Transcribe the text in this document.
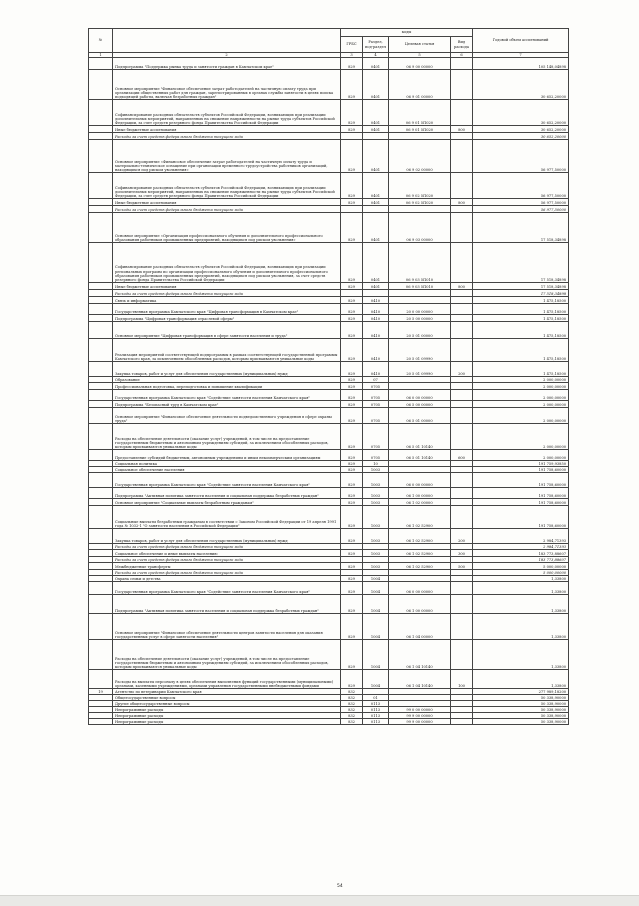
№		коды				Годовой объем ассигнований
		ГРБС	Раздел, под-раздел	Целевая статья	Вид расхода	
1	2	3	4	5	6	7
	Подпрограмма "Поддержка рынка труда и занятости граждан в Камчатском крае"	829	0401	06 9 00 00000		105 148,04898
	Основное мероприятие "Финансовое обеспечение затрат работодателей на частичную оплату труда при организации общественных работ для граждан, зарегистрированных в органах службы занятости в целях поиска подходящей работы, включая безработных граждан"	829	0401	06 9 01 00000		30 652,20000
	Софинансирование расходных обязательств субъектов Российской Федерации, возникающих при реализации дополнительных мероприятий, направленных на снижение напряженности на рынке труда субъектов Российской Федерации, за счет средств резервного фонда Правительства Российской Федерации	829	0401	06 9 01 5П020		30 652,20000
	Иные бюджетные ассигнования	829	0401	06 9 01 5П020	800	30 652,20000
	Расходы за счет средств федерального бюджета текущего года					30 652,20000
	Основное мероприятие «Финансовое обеспечение затрат работодателей на частичную оплату труда и материально-техническое оснащение при организации временного трудоустройства работников организаций, находящихся под риском увольнения»	829	0401	06 9 02 00000		56 977,50000
	Софинансирование расходных обязательств субъектов Российской Федерации, возникающих при реализации дополнительных мероприятий, направленных на снижение напряженности на рынке труда субъектов Российской Федерации, за счет средств резервного фонда Правительства Российской Федерации	829	0401	06 9 02 5П020		56 977,50000
	Иные бюджетные ассигнования	829	0401	06 9 02 5П020	800	56 977,50000
	Расходы за счет средств федерального бюджета текущего года					56 977,50000
	Основное мероприятие «Организация профессионального обучения и дополнительного профессионального образования работников промышленных предприятий, находящихся под риском увольнения»	829	0401	06 9 03 00000		17 518,34898
	Софинансирование расходных обязательств субъектов Российской Федерации, возникающих при реализации региональных программ по организации профессионального обучения и дополнительного профессионального образования работников промышленных предприятий, находящихся под риском увольнения, за счет средств резервного фонда Правительства Российской Федерации	829	0401	06 9 03 5П010		17 518,34898
	Иные бюджетные ассигнования	829	0401	06 9 03 5П010	800	17 518,34898
	Расходы за счет средств федерального бюджета текущего года					17 518,34898
	Связь и информатика	829	0410			1 475,18500
	Государственная программа Камчатского края "Цифровая трансформация в Камчатском крае"	829	0410	20 0 00 00000		1 475,18500
	Подпрограмма "Цифровая трансформация отраслевой сферы"	829	0410	20 5 00 00000		1 475,18500
	Основное мероприятие "Цифровая трансформация в сфере занятости населения и труда"	829	0410	20 5 01 00000		1 475,18500
	Реализация мероприятий соответствующей подпрограммы в рамках соответствующей государственной программы Камчатского края, за исключением обособленных расходов, которым присваиваются уникальные коды	829	0410	20 5 01 09990		1 475,18500
	Закупка товаров, работ и услуг для обеспечения государственных (муниципальных) нужд	829	0410	20 5 01 09990	200	1 475,18500
	Образование	829	07			2 000,00000
	Профессиональная подготовка, переподготовка и повышение квалификации	829	0705			2 000,00000
	Государственная программа Камчатского края "Содействие занятости населения Камчатского края"	829	0705	06 0 00 00000		2 000,00000
	Подпрограмма "Безопасный труд в Камчатском крае"	829	0705	06 5 00 00000		2 000,00000
	Основное мероприятие "Финансовое обеспечение деятельности подведомственного учреждения в сфере охраны труда"	829	0705	06 5 01 00000		2 000,00000
	Расходы на обеспечение деятельности (оказание услуг) учреждений, в том числе на предоставление государственным бюджетным и автономным учреждениям субсидий, за исключением обособленных расходов, которым присваиваются уникальные коды	829	0705	06 5 01 10140		2 000,00000
	Предоставление субсидий бюджетным, автономным учреждениям и иным некоммерческим организациям	829	0705	06 5 01 10140	600	2 000,00000
	Социальная политика	829	10			191 759,93850
	Социальное обеспечение населения	829	1003			191 758,60000
	Государственная программа Камчатского края "Содействие занятости населения Камчатского края"	829	1003	06 0 00 00000		191 758,60000
	Подпрограмма "Активная политика занятости населения и социальная поддержка безработных граждан"	829	1003	06 1 00 00000		191 758,60000
	Основное мероприятие "Социальные выплаты безработным гражданам"	829	1003	06 1 02 00000		191 758,60000
	Социальные выплаты безработным гражданам в соответствии с Законом Российской Федерации от 19 апреля 1991 года № 1032-1 "О занятости населения в Российской Федерации"	829	1003	06 1 02 52900		191 758,60000
	Закупка товаров, работ и услуг для обеспечения государственных (муниципальных) нужд	829	1003	06 1 02 52900	200	2 984,71393
	Расходы за счет средств федерального бюджета текущего года					2 984,71393
	Социальное обеспечение и иные выплаты населению	829	1003	06 1 02 52900	300	183 773,88607
	Расходы за счет средств федерального бюджета текущего года					183 773,88607
	Межбюджетные трансферты	829	1003	06 1 02 52900	500	5 000,00000
	Расходы за счет средств федерального бюджета текущего года					5 000,00000
	Охрана семьи и детства	829	1004			1,33800
	Государственная программа Камчатского края "Содействие занятости населения Камчатского края"	829	1004	06 0 00 00000		1,33800
	Подпрограмма "Активная политика занятости населения и социальная поддержка безработных граждан"	829	1004	06 1 00 00000		1,33800
	Основное мероприятие "Финансовое обеспечение деятельности центров занятости населения для оказания государственных услуг в сфере занятости населения"	829	1004	06 1 04 00000		1,33800
	Расходы на обеспечение деятельности (оказание услуг) учреждений, в том числе на предоставление государственным бюджетным и автономным учреждениям субсидий, за исключением обособленных расходов, которым присваиваются уникальные коды	829	1004	06 1 04 10140		1,33800
	Расходы на выплаты персоналу в целях обеспечения выполнения функций государственными (муниципальными) органами, казенными учреждениями, органами управления государственными внебюджетными фондами	829	1004	06 1 04 10140	100	1,33800
19	Агентство по ветеринарии Камчатского края	832				277 989,18200
	Общегосударственные вопросы	832	01			50 338,90000
	Другие общегосударственные вопросы	832	0113			50 338,90000
	Непрограммные расходы	832	0113	99 0 00 00000		50 338,90000
	Непрограммные расходы	832	0113	99 9 00 00000		50 338,90000
	Непрограммные расходы	832	0113	99 9 00 00000		50 338,90000
54
